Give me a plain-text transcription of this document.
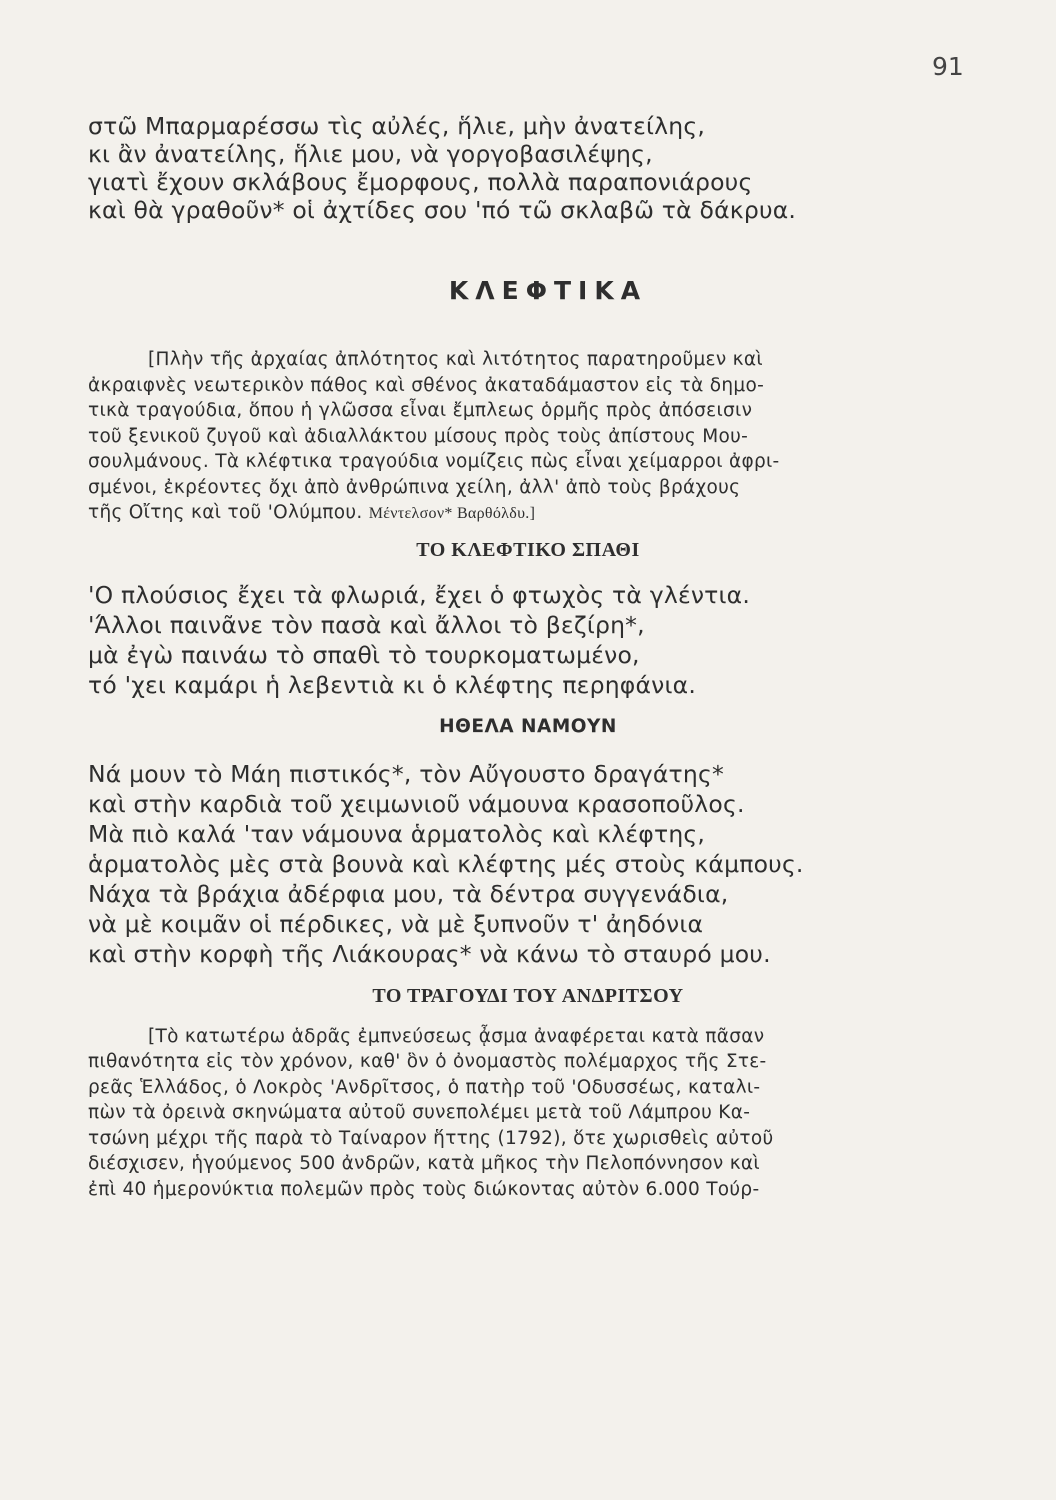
91

στῶ Μπαρμαρέσσω τὶς αὐλές, ἥλιε, μὴν ἀνατείλης,

κι ἂν ἀνατείλης, ἥλιε μου, νὰ γοργοβασιλέψης,

γιατὶ ἔχουν σκλάβους ἔμορφους, πολλὰ παραπονιάρους

καὶ θὰ γραθοῦν* οἱ ἀχτίδες σου 'πό τῶ σκλαβῶ τὰ δάκρυα.

ΚΛΕΦΤΙΚΑ

[Πλὴν τῆς ἀρχαίας ἀπλότητος καὶ λιτότητος παρατηροῦμεν καὶ

ἀκραιφνὲς νεωτερικὸν πάθος καὶ σθένος ἀκαταδάμαστον εἰς τὰ δημο-

τικὰ τραγούδια, ὅπου ἡ γλῶσσα εἶναι ἔμπλεως ὁρμῆς πρὸς ἀπόσεισιν

τοῦ ξενικοῦ ζυγοῦ καὶ ἀδιαλλάκτου μίσους πρὸς τοὺς ἀπίστους Μου-

σουλμάνους. Τὰ κλέφτικα τραγούδια νομίζεις πὼς εἶναι χείμαρροι ἀφρι-

σμένοι, ἐκρέοντες ὄχι ἀπὸ ἀνθρώπινα χείλη, ἀλλ' ἀπὸ τοὺς βράχους

τῆς Οἴτης καὶ τοῦ 'Ολύμπου. Μέντελσον* Βαρθόλδυ.]

ΤΟ ΚΛΕΦΤΙΚΟ ΣΠΑΘΙ

'Ο πλούσιος ἔχει τὰ φλωριά, ἔχει ὁ φτωχὸς τὰ γλέντια.

'Άλλοι παινᾶνε τὸν πασὰ καὶ ἄλλοι τὸ βεζίρη*,

μὰ ἐγὼ παινάω τὸ σπαθὶ τὸ τουρκοματωμένο,

τό 'χει καμάρι ἡ λεβεντιὰ κι ὁ κλέφτης περηφάνια.

ΗΘΕΛΑ ΝΑΜΟΥΝ

Νά μουν τὸ Μάη πιστικός*, τὸν Αὔγουστο δραγάτης*

καὶ στὴν καρδιὰ τοῦ χειμωνιοῦ νάμουνα κρασοποῦλος.

Μὰ πιὸ καλά 'ταν νάμουνα ἁρματολὸς καὶ κλέφτης,

ἁρματολὸς μὲς στὰ βουνὰ καὶ κλέφτης μές στοὺς κάμπους.

Νάχα τὰ βράχια ἀδέρφια μου, τὰ δέντρα συγγενάδια,

νὰ μὲ κοιμᾶν οἱ πέρδικες, νὰ μὲ ξυπνοῦν τ' ἀηδόνια

καὶ στὴν κορφὴ τῆς Λιάκουρας* νὰ κάνω τὸ σταυρό μου.

ΤΟ ΤΡΑΓΟΥΔΙ ΤΟΥ ΑΝΔΡΙΤΣΟΥ

[Τὸ κατωτέρω ἁδρᾶς ἐμπνεύσεως ᾆσμα ἀναφέρεται κατὰ πᾶσαν

πιθανότητα εἰς τὸν χρόνον, καθ' ὃν ὁ ὀνομαστὸς πολέμαρχος τῆς Στε-

ρεᾶς Ἑλλάδος, ὁ Λοκρὸς 'Ανδρῖτσος, ὁ πατὴρ τοῦ 'Οδυσσέως, καταλι-

πὼν τὰ ὀρεινὰ σκηνώματα αὐτοῦ συνεπολέμει μετὰ τοῦ Λάμπρου Κα-

τσώνη μέχρι τῆς παρὰ τὸ Ταίναρον ἥττης (1792), ὅτε χωρισθεὶς αὐτοῦ

διέσχισεν, ἡγούμενος 500 ἀνδρῶν, κατὰ μῆκος τὴν Πελοπόννησον καὶ

ἐπὶ 40 ἡμερονύκτια πολεμῶν πρὸς τοὺς διώκοντας αὐτὸν 6.000 Τούρ-
